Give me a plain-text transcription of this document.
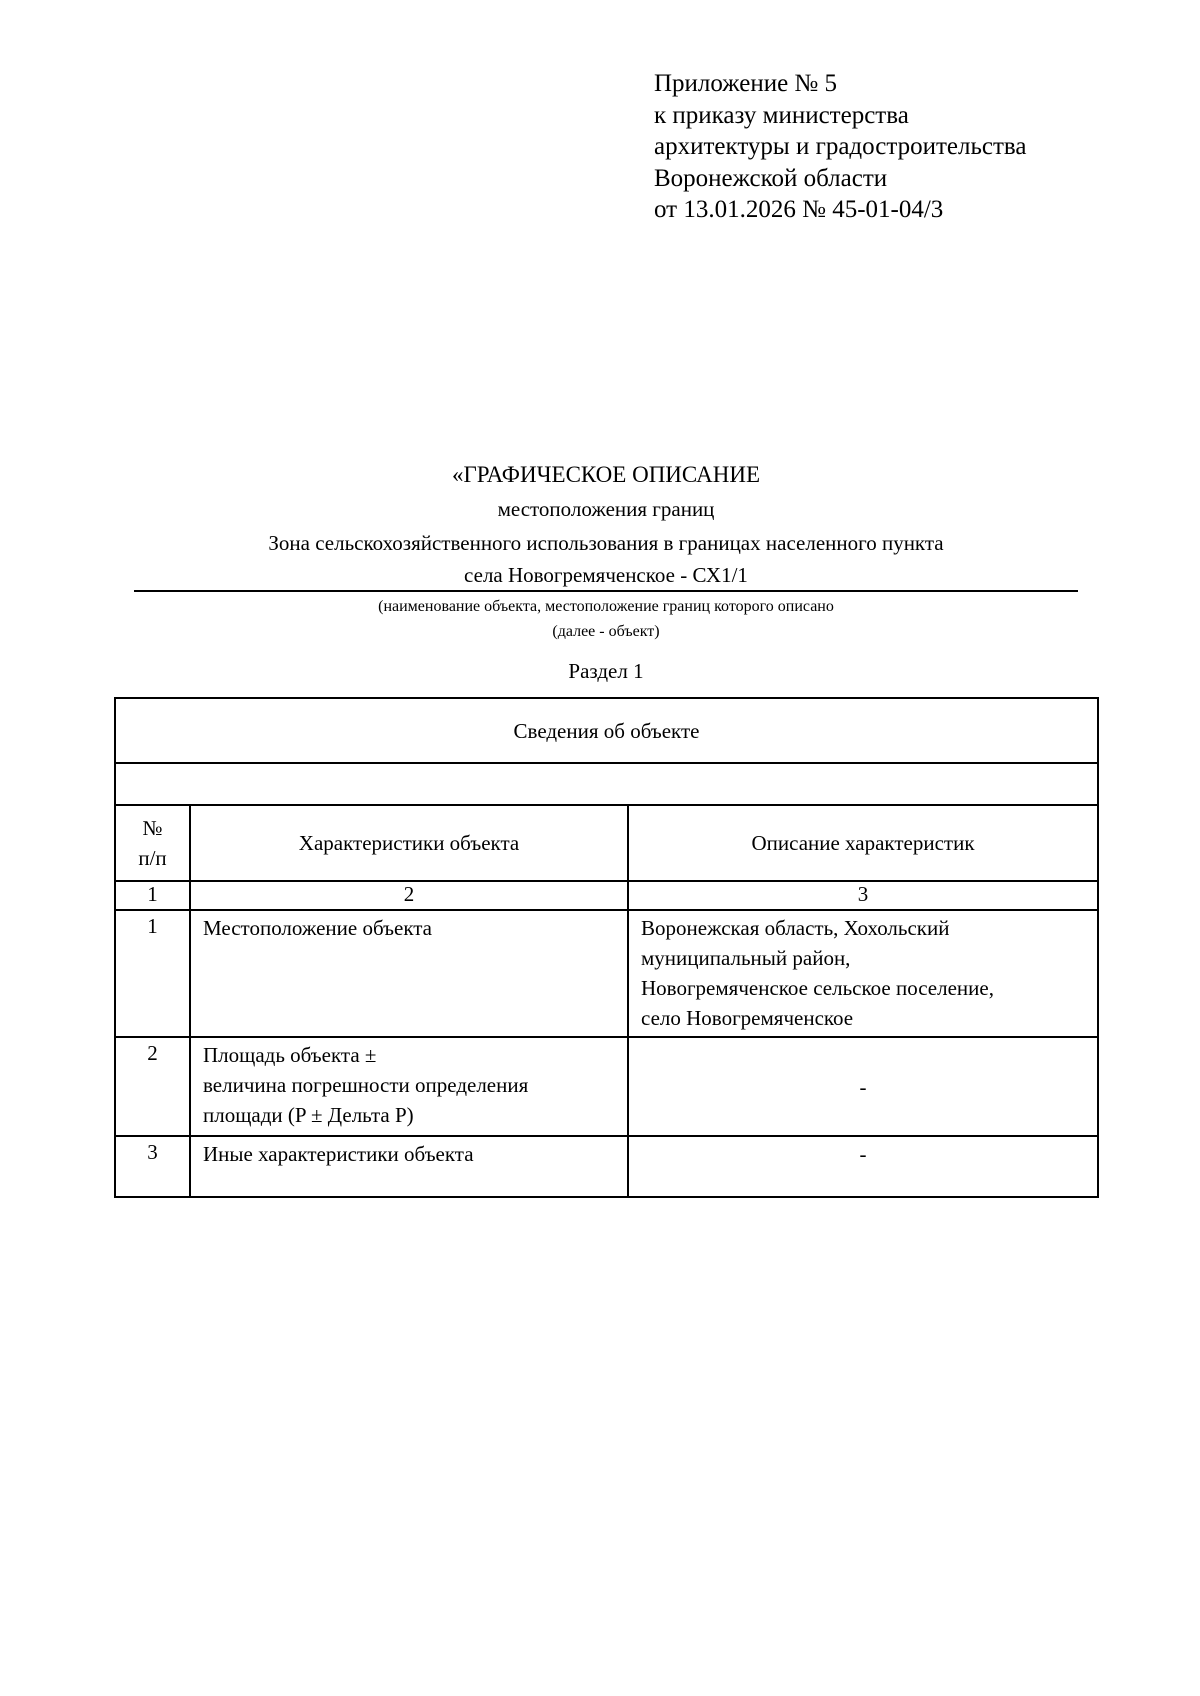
Приложение № 5
к приказу министерства
архитектуры и градостроительства
Воронежской области
от 13.01.2026 № 45-01-04/3
«ГРАФИЧЕСКОЕ ОПИСАНИЕ
местоположения границ
Зона сельскохозяйственного использования в границах населенного пункта
села Новогремяченское - СХ1/1
(наименование объекта, местоположение границ которого описано
(далее - объект)
Раздел 1
Сведения об объекте		

№ п/п	Характеристики объекта	Описание характеристик
1	2	3
1	Местоположение объекта	Воронежская область, Хохольский
муниципальный район,
Новогремяченское сельское поселение,
село Новогремяченское

2	Площадь объекта ±
величина погрешности определения
площади (P ± Дельта P)	-
3	Иные характеристики объекта	-
